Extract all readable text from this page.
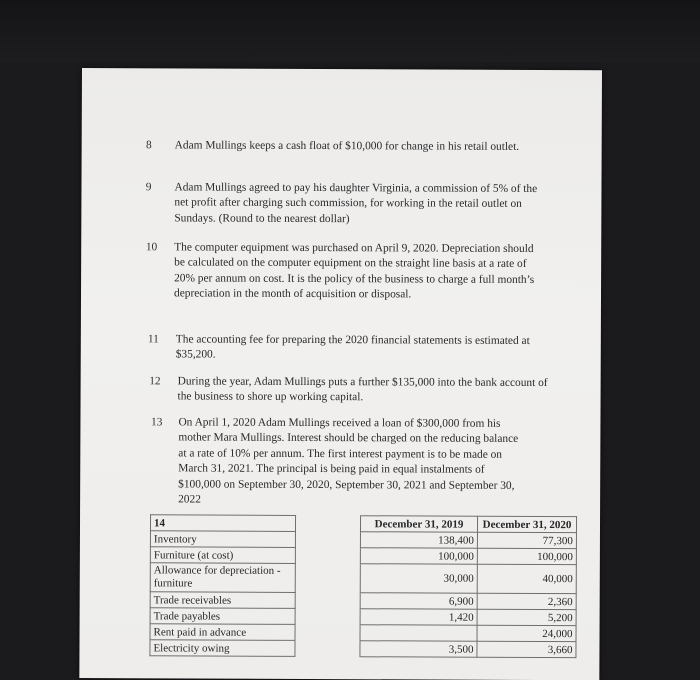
8 Adam Mullings keeps a cash float of $10,000 for change in his retail outlet.
9 Adam Mullings agreed to pay his daughter Virginia, a commission of 5% of the net profit after charging such commission, for working in the retail outlet on Sundays. (Round to the nearest dollar)
10 The computer equipment was purchased on April 9, 2020. Depreciation should be calculated on the computer equipment on the straight line basis at a rate of 20% per annum on cost. It is the policy of the business to charge a full month’s depreciation in the month of acquisition or disposal.
11 The accounting fee for preparing the 2020 financial statements is estimated at $35,200.
12 During the year, Adam Mullings puts a further $135,000 into the bank account of the business to shore up working capital.
13 On April 1, 2020 Adam Mullings received a loan of $300,000 from his mother Mara Mullings. Interest should be charged on the reducing balance at a rate of 10% per annum. The first interest payment is to be made on March 31, 2021. The principal is being paid in equal instalments of $100,000 on September 30, 2020, September 30, 2021 and September 30, 2022
14		December 31, 2019	December 31, 2020
Inventory		138,400	77,300
Furniture (at cost)		100,000	100,000
Allowance for depreciation - furniture		30,000	40,000
Trade receivables		6,900	2,360
Trade payables		1,420	5,200
Rent paid in advance			24,000
Electricity owing		3,500	3,660
